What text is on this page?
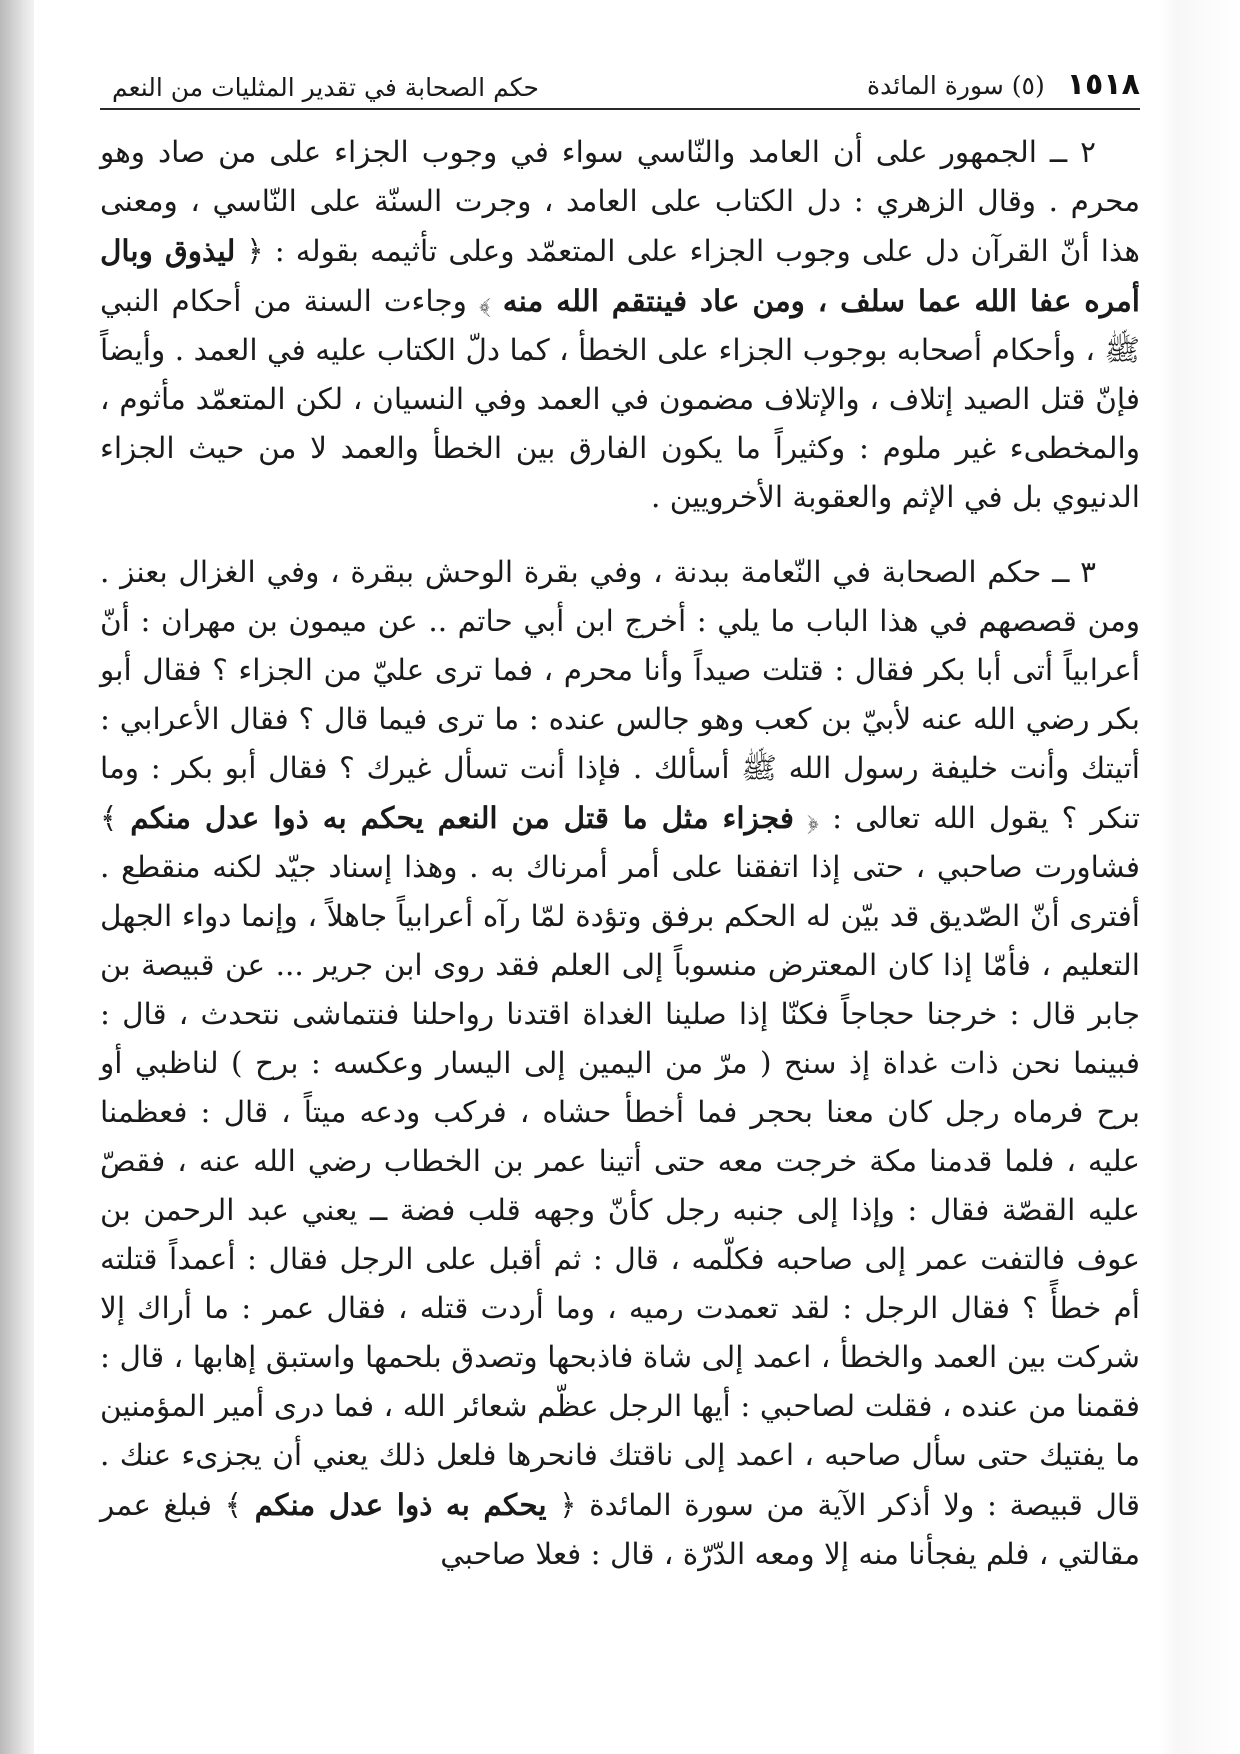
١٥١٨
(٥) سورة المائدة
حكم الصحابة في تقدير المثليات من النعم

٢ ــ الجمهور على أن العامد والنّاسي سواء في وجوب الجزاء على من صاد وهو محرم . وقال الزهري : دل الكتاب على العامد ، وجرت السنّة على النّاسي ، ومعنى هذا أنّ القرآن دل على وجوب الجزاء على المتعمّد وعلى تأثيمه بقوله : ﴿ ليذوق وبال أمره عفا الله عما سلف ، ومن عاد فينتقم الله منه ﴾ وجاءت السنة من أحكام النبي ﷺ ، وأحكام أصحابه بوجوب الجزاء على الخطأ ، كما دلّ الكتاب عليه في العمد . وأيضاً فإنّ قتل الصيد إتلاف ، والإتلاف مضمون في العمد وفي النسيان ، لكن المتعمّد مأثوم ، والمخطىء غير ملوم : وكثيراً ما يكون الفارق بين الخطأ والعمد لا من حيث الجزاء الدنيوي بل في الإثم والعقوبة الأخرويين .

٣ ــ حكم الصحابة في النّعامة ببدنة ، وفي بقرة الوحش ببقرة ، وفي الغزال بعنز . ومن قصصهم في هذا الباب ما يلي : أخرج ابن أبي حاتم .. عن ميمون بن مهران : أنّ أعرابياً أتى أبا بكر فقال : قتلت صيداً وأنا محرم ، فما ترى عليّ من الجزاء ؟ فقال أبو بكر رضي الله عنه لأبيّ بن كعب وهو جالس عنده : ما ترى فيما قال ؟ فقال الأعرابي : أتيتك وأنت خليفة رسول الله ﷺ أسألك . فإذا أنت تسأل غيرك ؟ فقال أبو بكر : وما تنكر ؟ يقول الله تعالى : ﴿ فجزاء مثل ما قتل من النعم يحكم به ذوا عدل منكم ﴾ فشاورت صاحبي ، حتى إذا اتفقنا على أمر أمرناك به . وهذا إسناد جيّد لكنه منقطع . أفترى أنّ الصّديق قد بيّن له الحكم برفق وتؤدة لمّا رآه أعرابياً جاهلاً ، وإنما دواء الجهل التعليم ، فأمّا إذا كان المعترض منسوباً إلى العلم فقد روى ابن جرير ... عن قبيصة بن جابر قال : خرجنا حجاجاً فكنّا إذا صلينا الغداة اقتدنا رواحلنا فنتماشى نتحدث ، قال : فبينما نحن ذات غداة إذ سنح ( مرّ من اليمين إلى اليسار وعكسه : برح ) لناظبي أو برح فرماه رجل كان معنا بحجر فما أخطأ حشاه ، فركب ودعه ميتاً ، قال : فعظمنا عليه ، فلما قدمنا مكة خرجت معه حتى أتينا عمر بن الخطاب رضي الله عنه ، فقصّ عليه القصّة فقال : وإذا إلى جنبه رجل كأنّ وجهه قلب فضة ــ يعني عبد الرحمن بن عوف فالتفت عمر إلى صاحبه فكلّمه ، قال : ثم أقبل على الرجل فقال : أعمداً قتلته أم خطأً ؟ فقال الرجل : لقد تعمدت رميه ، وما أردت قتله ، فقال عمر : ما أراك إلا شركت بين العمد والخطأ ، اعمد إلى شاة فاذبحها وتصدق بلحمها واستبق إهابها ، قال : فقمنا من عنده ، فقلت لصاحبي : أيها الرجل عظّم شعائر الله ، فما درى أمير المؤمنين ما يفتيك حتى سأل صاحبه ، اعمد إلى ناقتك فانحرها فلعل ذلك يعني أن يجزىء عنك . قال قبيصة : ولا أذكر الآية من سورة المائدة ﴿ يحكم به ذوا عدل منكم ﴾ فبلغ عمر مقالتي ، فلم يفجأنا منه إلا ومعه الدّرّة ، قال : فعلا صاحبي
